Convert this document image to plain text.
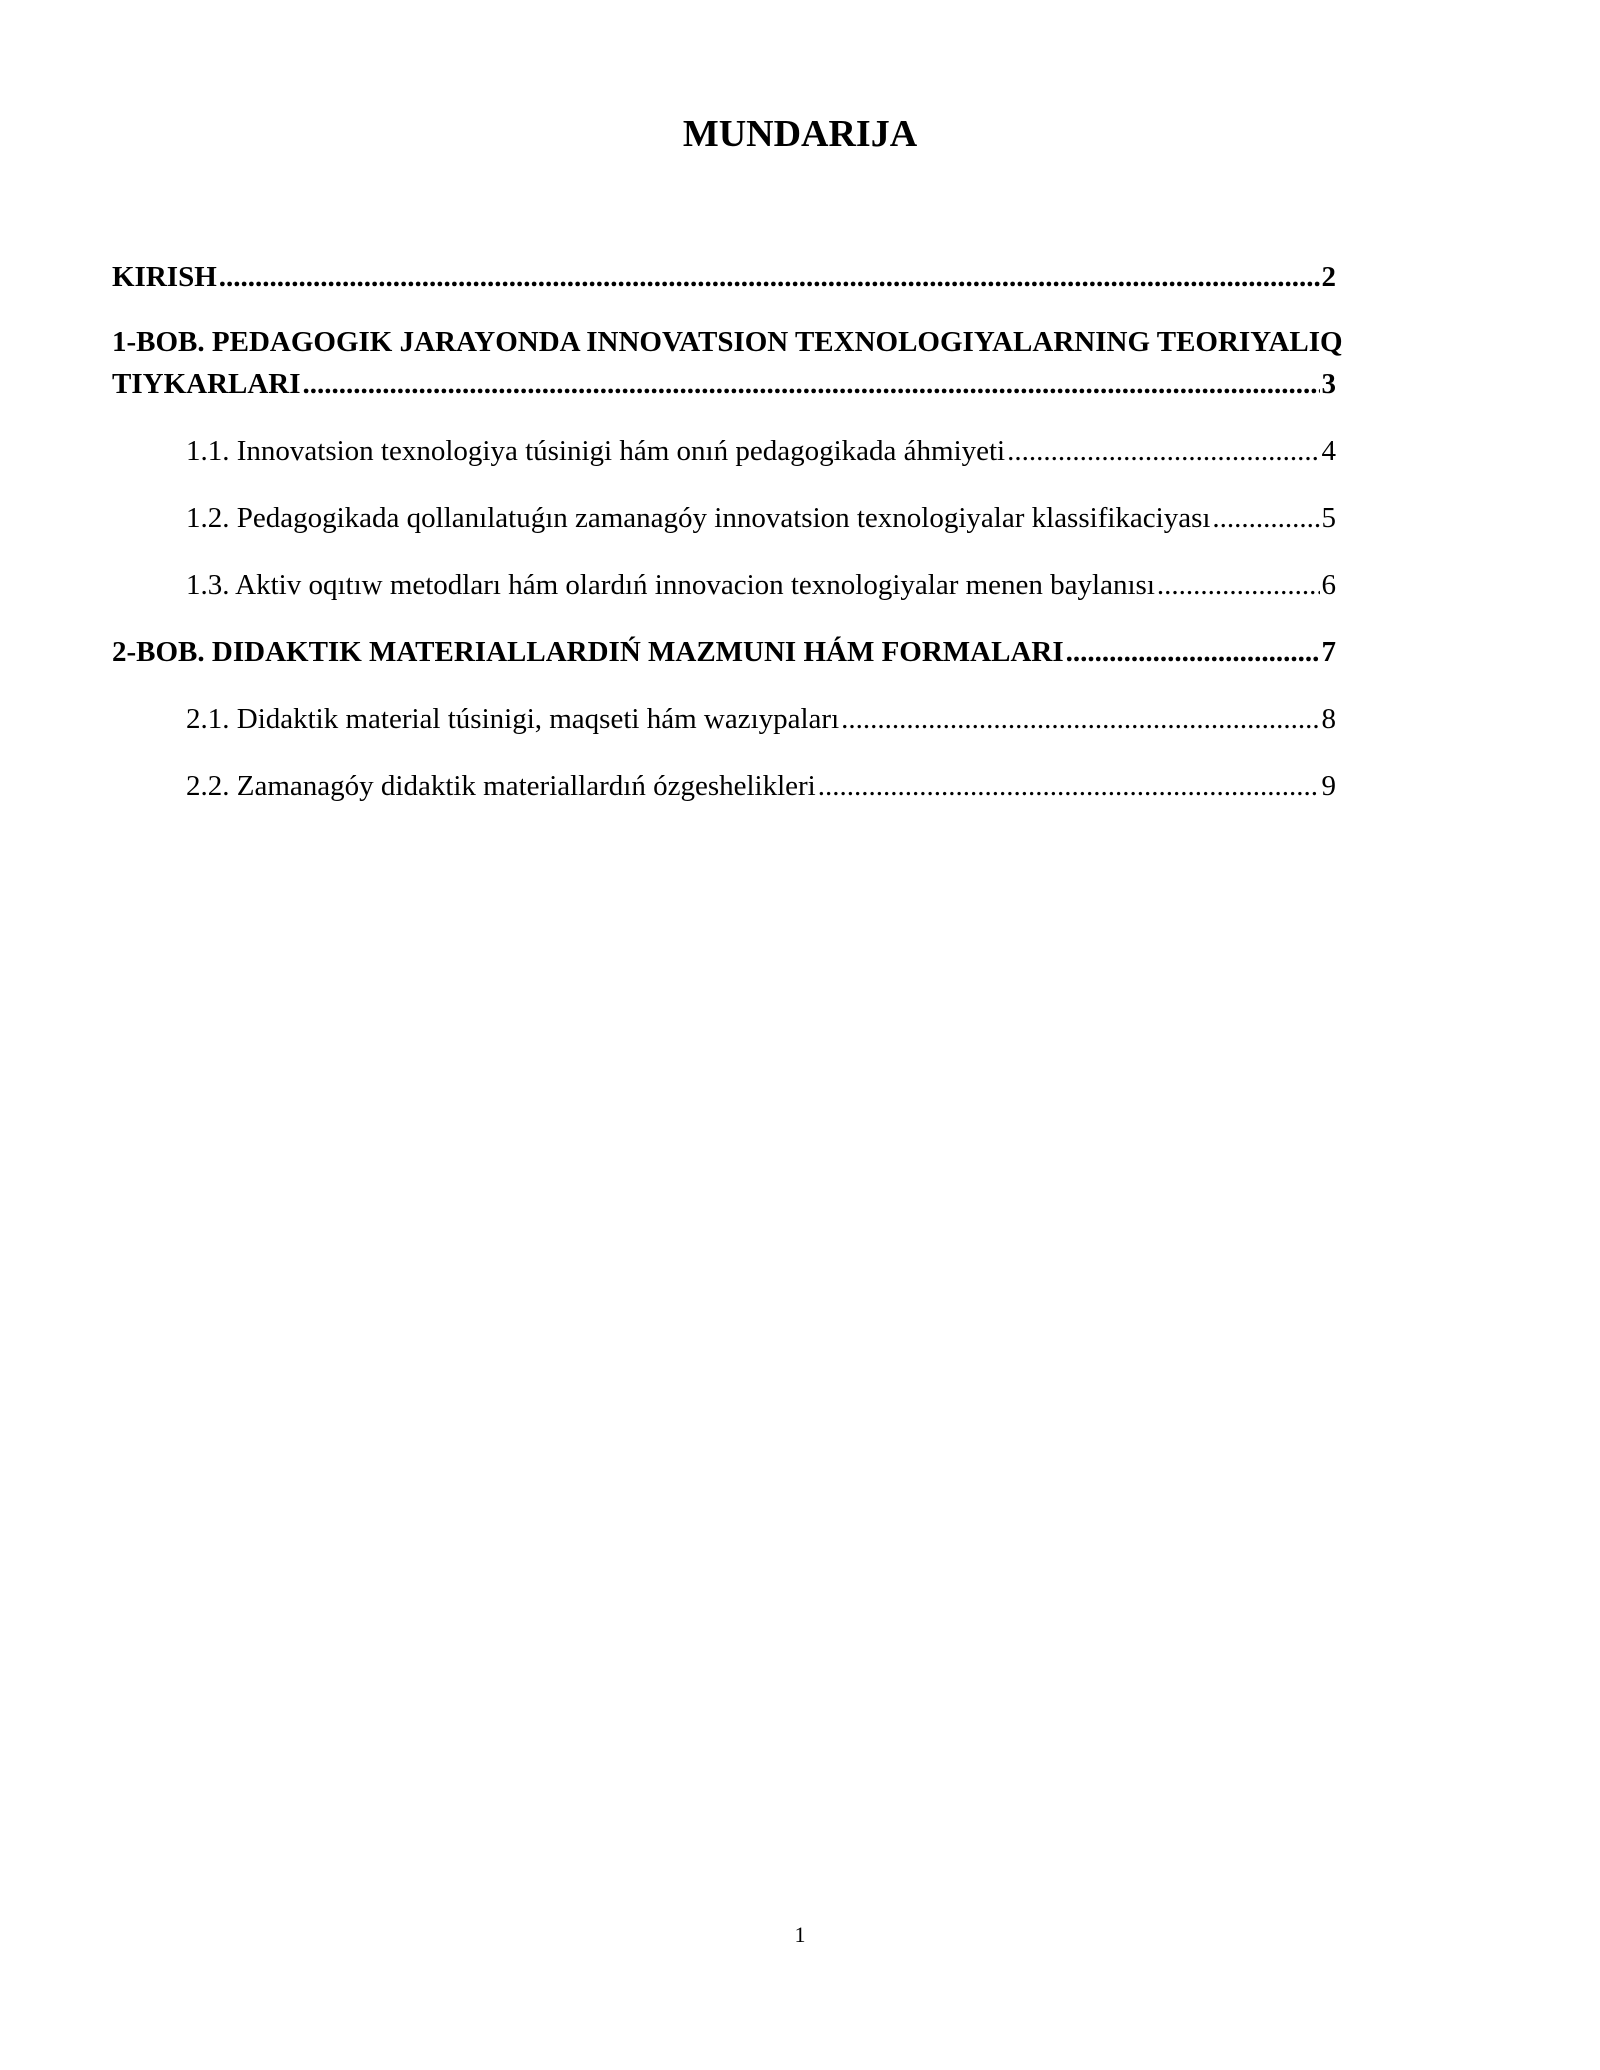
MUNDARIJA
KIRISH .....	2
1-BOB. PEDAGOGIK JARAYONDA INNOVATSION TEXNOLOGIYALARNING TEORIYALIQ
TIYKARLARI .....	3
1.1. Innovatsion texnologiya túsinigi hám onıń pedagogikada áhmiyeti .....	4
1.2. Pedagogikada qollanılatuǵın zamanagóy innovatsion texnologiyalar klassifikaciyası .....	5
1.3. Aktiv oqıtıw metodları hám olardıń innovacion texnologiyalar menen baylanısı .....	6
2-BOB. DIDAKTIK MATERIALLARDIŃ MAZMUNI HÁM FORMALARI .....	7
2.1. Didaktik material túsinigi, maqseti hám wazıypaları .....	8
2.2. Zamanagóy didaktik materiallardıń ózgeshelikleri .....	9
1
